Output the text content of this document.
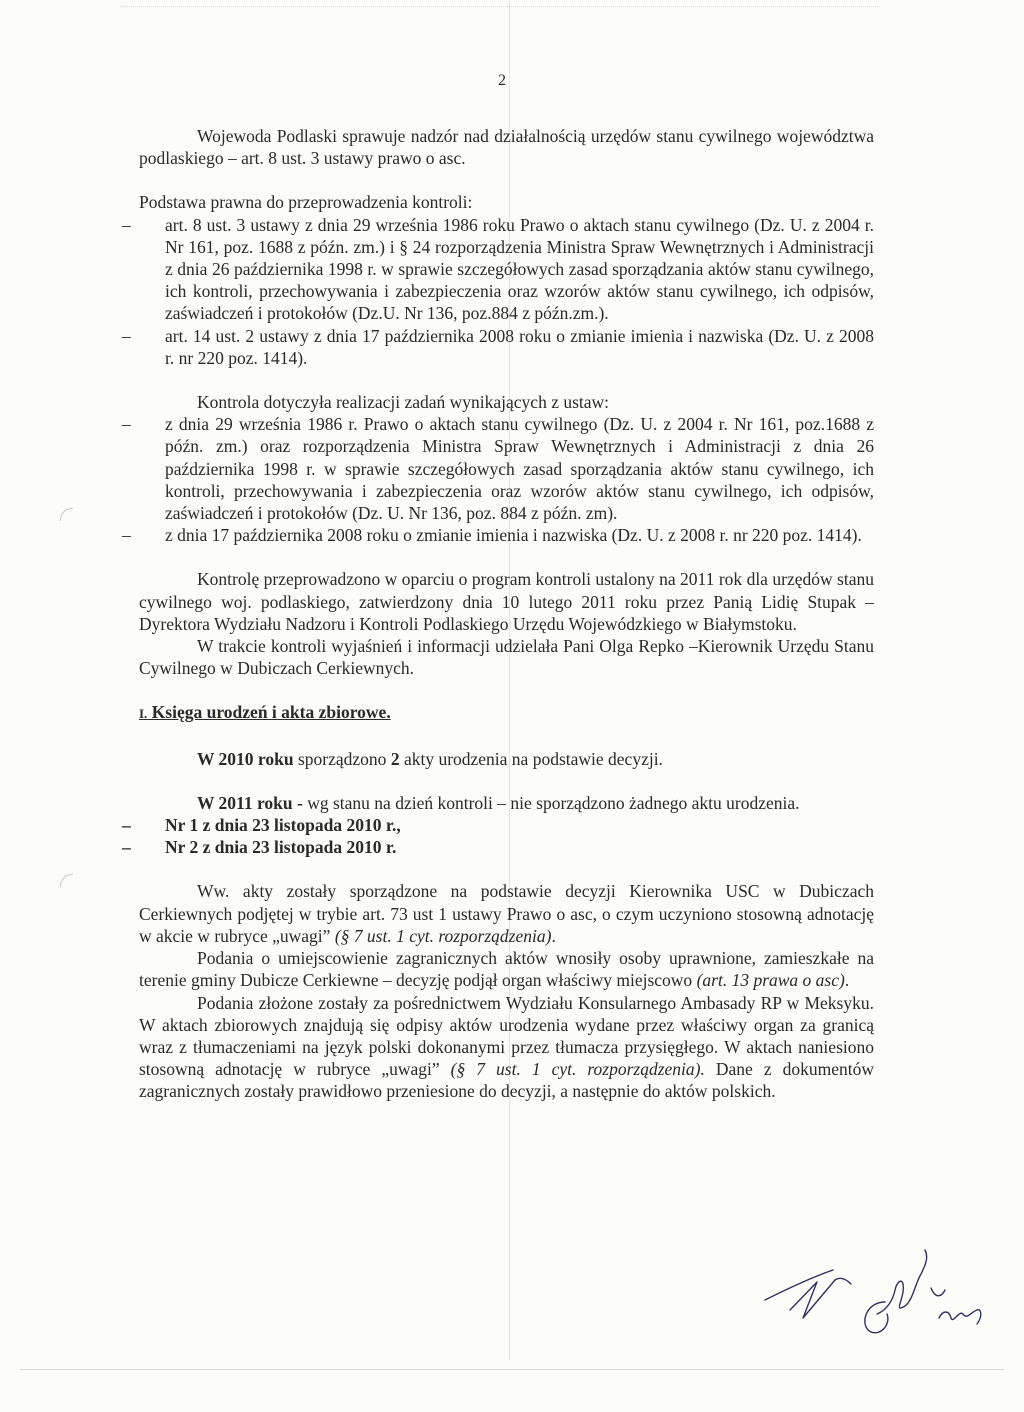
2

Wojewoda Podlaski sprawuje nadzór nad działalnością urzędów stanu cywilnego województwa podlaskiego – art. 8 ust. 3 ustawy prawo o asc.

Podstawa prawna do przeprowadzenia kontroli:

– art. 8 ust. 3 ustawy z dnia 29 września 1986 roku Prawo o aktach stanu cywilnego (Dz. U. z 2004 r. Nr 161, poz. 1688 z późn. zm.) i § 24 rozporządzenia Ministra Spraw Wewnętrznych i Administracji z dnia 26 października 1998 r. w sprawie szczegółowych zasad sporządzania aktów stanu cywilnego, ich kontroli, przechowywania i zabezpieczenia oraz wzorów aktów stanu cywilnego, ich odpisów, zaświadczeń i protokołów (Dz.U. Nr 136, poz.884 z późn.zm.).
– art. 14 ust. 2 ustawy z dnia 17 października 2008 roku o zmianie imienia i nazwiska (Dz. U. z 2008 r. nr 220 poz. 1414).

Kontrola dotyczyła realizacji zadań wynikających z ustaw:

– z dnia 29 września 1986 r. Prawo o aktach stanu cywilnego (Dz. U. z 2004 r. Nr 161, poz.1688 z późn. zm.) oraz rozporządzenia Ministra Spraw Wewnętrznych i Administracji z dnia 26 października 1998 r. w sprawie szczegółowych zasad sporządzania aktów stanu cywilnego, ich kontroli, przechowywania i zabezpieczenia oraz wzorów aktów stanu cywilnego, ich odpisów, zaświadczeń i protokołów (Dz. U. Nr 136, poz. 884 z późn. zm).
– z dnia 17 października 2008 roku o zmianie imienia i nazwiska (Dz. U. z 2008 r. nr 220 poz. 1414).

Kontrolę przeprowadzono w oparciu o program kontroli ustalony na 2011 rok dla urzędów stanu cywilnego woj. podlaskiego, zatwierdzony dnia 10 lutego 2011 roku przez Panią Lidię Stupak – Dyrektora Wydziału Nadzoru i Kontroli Podlaskiego Urzędu Wojewódzkiego w Białymstoku.

W trakcie kontroli wyjaśnień i informacji udzielała Pani Olga Repko –Kierownik Urzędu Stanu Cywilnego w Dubiczach Cerkiewnych.

I. Księga urodzeń i akta zbiorowe.

W 2010 roku sporządzono 2 akty urodzenia na podstawie decyzji.

W 2011 roku - wg stanu na dzień kontroli – nie sporządzono żadnego aktu urodzenia.

– Nr 1 z dnia 23 listopada 2010 r.,
– Nr 2 z dnia 23 listopada 2010 r.

Ww. akty zostały sporządzone na podstawie decyzji Kierownika USC w Dubiczach Cerkiewnych podjętej w trybie art. 73 ust 1 ustawy Prawo o asc, o czym uczyniono stosowną adnotację w akcie w rubryce „uwagi” (§ 7 ust. 1 cyt. rozporządzenia).

Podania o umiejscowienie zagranicznych aktów wnosiły osoby uprawnione, zamieszkałe na terenie gminy Dubicze Cerkiewne – decyzję podjął organ właściwy miejscowo (art. 13 prawa o asc).

Podania złożone zostały za pośrednictwem Wydziału Konsularnego Ambasady RP w Meksyku. W aktach zbiorowych znajdują się odpisy aktów urodzenia wydane przez właściwy organ za granicą wraz z tłumaczeniami na język polski dokonanymi przez tłumacza przysięgłego. W aktach naniesiono stosowną adnotację w rubryce „uwagi” (§ 7 ust. 1 cyt. rozporządzenia). Dane z dokumentów zagranicznych zostały prawidłowo przeniesione do decyzji, a następnie do aktów polskich.
